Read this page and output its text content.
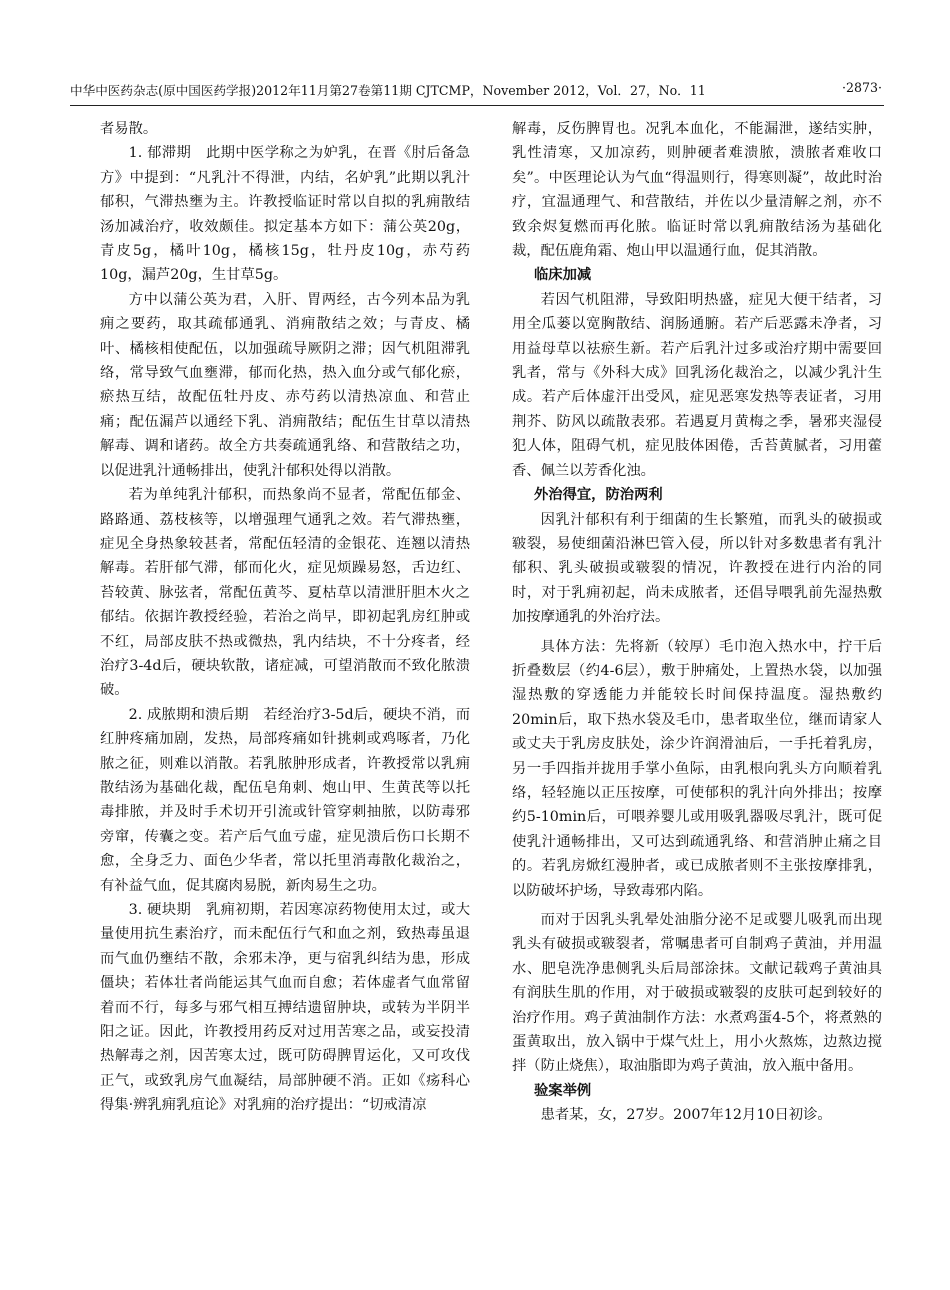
中华中医药杂志(原中国医药学报)2012年11月第27卷第11期 CJTCMP，November 2012，Vol．27，No．11	·2873·

者易散。

1. 郁滞期　此期中医学称之为妒乳，在晋《肘后备急方》中提到：“凡乳汁不得泄，内结，名妒乳”此期以乳汁郁积，气滞热壅为主。许教授临证时常以自拟的乳痈散结汤加减治疗，收效颇佳。拟定基本方如下：蒲公英20g，青皮5g，橘叶10g，橘核15g，牡丹皮10g，赤芍药10g，漏芦20g，生甘草5g。

方中以蒲公英为君，入肝、胃两经，古今列本品为乳痈之要药，取其疏郁通乳、消痈散结之效；与青皮、橘叶、橘核相使配伍，以加强疏导厥阴之滞；因气机阻滞乳络，常导致气血壅滞，郁而化热，热入血分或气郁化瘀，瘀热互结，故配伍牡丹皮、赤芍药以清热凉血、和营止痛；配伍漏芦以通经下乳、消痈散结；配伍生甘草以清热解毒、调和诸药。故全方共奏疏通乳络、和营散结之功，以促进乳汁通畅排出，使乳汁郁积处得以消散。

若为单纯乳汁郁积，而热象尚不显者，常配伍郁金、路路通、荔枝核等，以增强理气通乳之效。若气滞热壅，症见全身热象较甚者，常配伍轻清的金银花、连翘以清热解毒。若肝郁气滞，郁而化火，症见烦躁易怒，舌边红、苔较黄、脉弦者，常配伍黄芩、夏枯草以清泄肝胆木火之郁结。依据许教授经验，若治之尚早，即初起乳房红肿或不红，局部皮肤不热或微热，乳内结块，不十分疼者，经治疗3-4d后，硬块软散，诸症减，可望消散而不致化脓溃破。

2. 成脓期和溃后期　若经治疗3-5d后，硬块不消，而红肿疼痛加剧，发热，局部疼痛如针挑刺或鸡啄者，乃化脓之征，则难以消散。若乳脓肿形成者，许教授常以乳痈散结汤为基础化裁，配伍皂角刺、炮山甲、生黄芪等以托毒排脓，并及时手术切开引流或针管穿刺抽脓，以防毒邪旁窜，传囊之变。若产后气血亏虚，症见溃后伤口长期不愈，全身乏力、面色少华者，常以托里消毒散化裁治之，有补益气血，促其腐肉易脱，新肉易生之功。

3. 硬块期　乳痈初期，若因寒凉药物使用太过，或大量使用抗生素治疗，而未配伍行气和血之剂，致热毒虽退而气血仍壅结不散，余邪未净，更与宿乳纠结为患，形成僵块；若体壮者尚能运其气血而自愈；若体虚者气血常留着而不行，每多与邪气相互搏结遗留肿块，或转为半阴半阳之证。因此，许教授用药反对过用苦寒之品，或妄投清热解毒之剂，因苦寒太过，既可防碍脾胃运化，又可攻伐正气，或致乳房气血凝结，局部肿硬不消。正如《疡科心得集·辨乳痈乳疽论》对乳痈的治疗提出：“切戒清凉

解毒，反伤脾胃也。况乳本血化，不能漏泄，遂结实肿，乳性清寒，又加凉药，则肿硬者难溃脓，溃脓者难收口矣”。中医理论认为气血“得温则行，得寒则凝”，故此时治疗，宜温通理气、和营散结，并佐以少量清解之剂，亦不致余烬复燃而再化脓。临证时常以乳痈散结汤为基础化裁，配伍鹿角霜、炮山甲以温通行血，促其消散。

临床加减

若因气机阻滞，导致阳明热盛，症见大便干结者，习用全瓜蒌以宽胸散结、润肠通腑。若产后恶露未净者，习用益母草以祛瘀生新。若产后乳汁过多或治疗期中需要回乳者，常与《外科大成》回乳汤化裁治之，以减少乳汁生成。若产后体虚汗出受风，症见恶寒发热等表证者，习用荆芥、防风以疏散表邪。若遇夏月黄梅之季，暑邪夹湿侵犯人体，阻碍气机，症见肢体困倦，舌苔黄腻者，习用藿香、佩兰以芳香化浊。

外治得宜，防治两利

因乳汁郁积有利于细菌的生长繁殖，而乳头的破损或皲裂，易使细菌沿淋巴管入侵，所以针对多数患者有乳汁郁积、乳头破损或皲裂的情况，许教授在进行内治的同时，对于乳痈初起，尚未成脓者，还倡导喂乳前先湿热敷加按摩通乳的外治疗法。

具体方法：先将新（较厚）毛巾泡入热水中，拧干后折叠数层（约4-6层），敷于肿痛处，上置热水袋，以加强湿热敷的穿透能力并能较长时间保持温度。湿热敷约20min后，取下热水袋及毛巾，患者取坐位，继而请家人或丈夫于乳房皮肤处，涂少许润滑油后，一手托着乳房，另一手四指并拢用手掌小鱼际，由乳根向乳头方向顺着乳络，轻轻施以正压按摩，可使郁积的乳汁向外排出；按摩约5-10min后，可喂养婴儿或用吸乳器吸尽乳汁，既可促使乳汁通畅排出，又可达到疏通乳络、和营消肿止痛之目的。若乳房焮红漫肿者，或已成脓者则不主张按摩排乳，以防破坏护场，导致毒邪内陷。

而对于因乳头乳晕处油脂分泌不足或婴儿吸乳而出现乳头有破损或皲裂者，常嘱患者可自制鸡子黄油，并用温水、肥皂洗净患侧乳头后局部涂抹。文献记载鸡子黄油具有润肤生肌的作用，对于破损或皲裂的皮肤可起到较好的治疗作用。鸡子黄油制作方法：水煮鸡蛋4-5个，将煮熟的蛋黄取出，放入锅中于煤气灶上，用小火熬炼，边熬边搅拌（防止烧焦），取油脂即为鸡子黄油，放入瓶中备用。

验案举例

患者某，女，27岁。2007年12月10日初诊。
